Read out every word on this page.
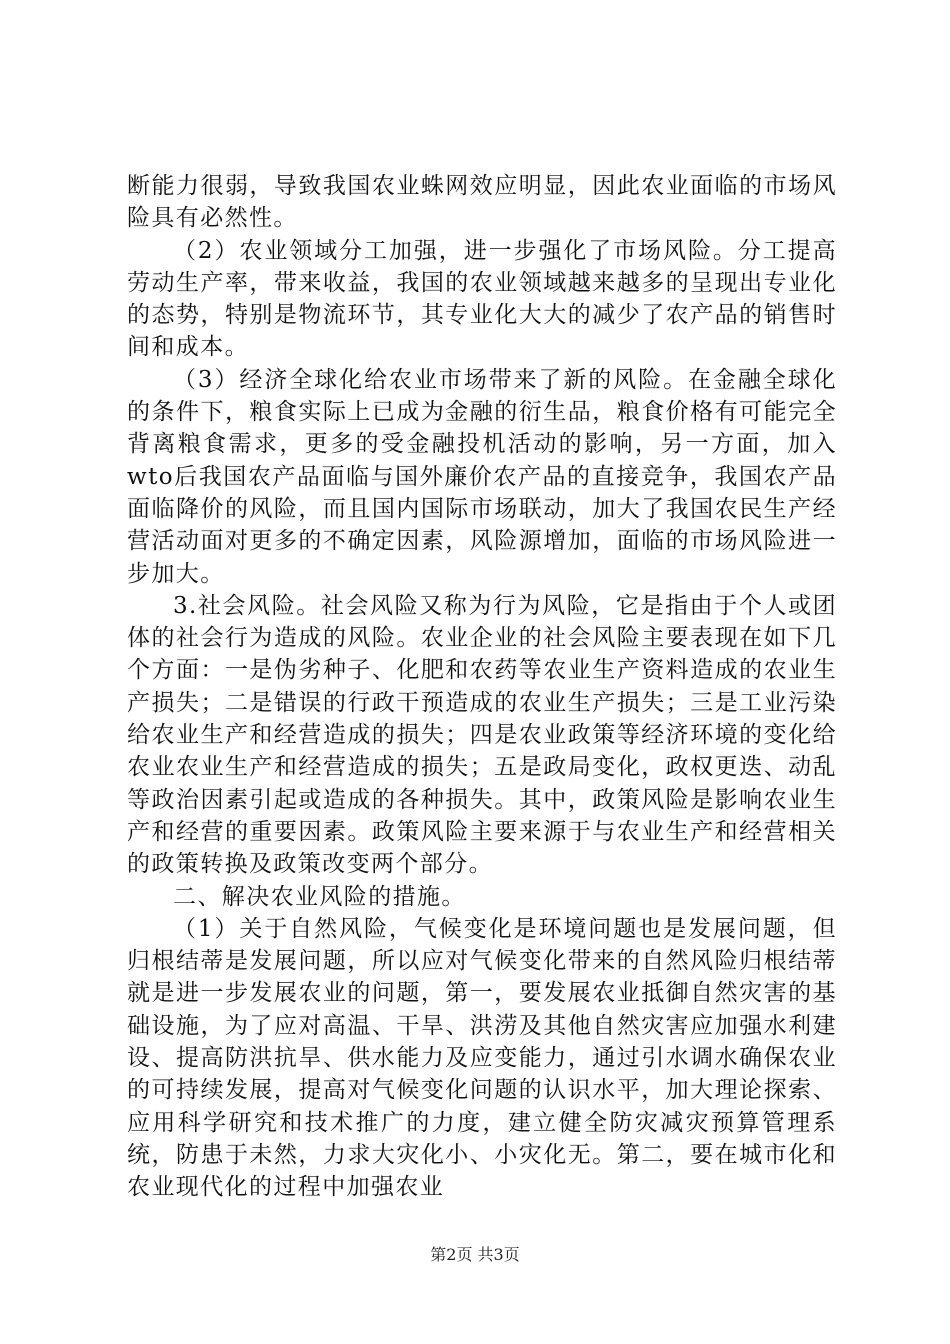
断能力很弱，导致我国农业蛛网效应明显，因此农业面临的市场风险具有必然性。

（2）农业领域分工加强，进一步强化了市场风险。分工提高劳动生产率，带来收益，我国的农业领域越来越多的呈现出专业化的态势，特别是物流环节，其专业化大大的减少了农产品的销售时间和成本。

（3）经济全球化给农业市场带来了新的风险。在金融全球化的条件下，粮食实际上已成为金融的衍生品，粮食价格有可能完全背离粮食需求，更多的受金融投机活动的影响，另一方面，加入wto后我国农产品面临与国外廉价农产品的直接竞争，我国农产品面临降价的风险，而且国内国际市场联动，加大了我国农民生产经营活动面对更多的不确定因素，风险源增加，面临的市场风险进一步加大。

3.社会风险。社会风险又称为行为风险，它是指由于个人或团体的社会行为造成的风险。农业企业的社会风险主要表现在如下几个方面：一是伪劣种子、化肥和农药等农业生产资料造成的农业生产损失；二是错误的行政干预造成的农业生产损失；三是工业污染给农业生产和经营造成的损失；四是农业政策等经济环境的变化给农业农业生产和经营造成的损失；五是政局变化，政权更迭、动乱等政治因素引起或造成的各种损失。其中，政策风险是影响农业生产和经营的重要因素。政策风险主要来源于与农业生产和经营相关的政策转换及政策改变两个部分。

二、解决农业风险的措施。

（1）关于自然风险，气候变化是环境问题也是发展问题，但归根结蒂是发展问题，所以应对气候变化带来的自然风险归根结蒂就是进一步发展农业的问题，第一，要发展农业抵御自然灾害的基础设施，为了应对高温、干旱、洪涝及其他自然灾害应加强水利建设、提高防洪抗旱、供水能力及应变能力，通过引水调水确保农业的可持续发展，提高对气候变化问题的认识水平，加大理论探索、应用科学研究和技术推广的力度，建立健全防灾减灾预算管理系统，防患于未然，力求大灾化小、小灾化无。第二，要在城市化和农业现代化的过程中加强农业

第2页 共3页
